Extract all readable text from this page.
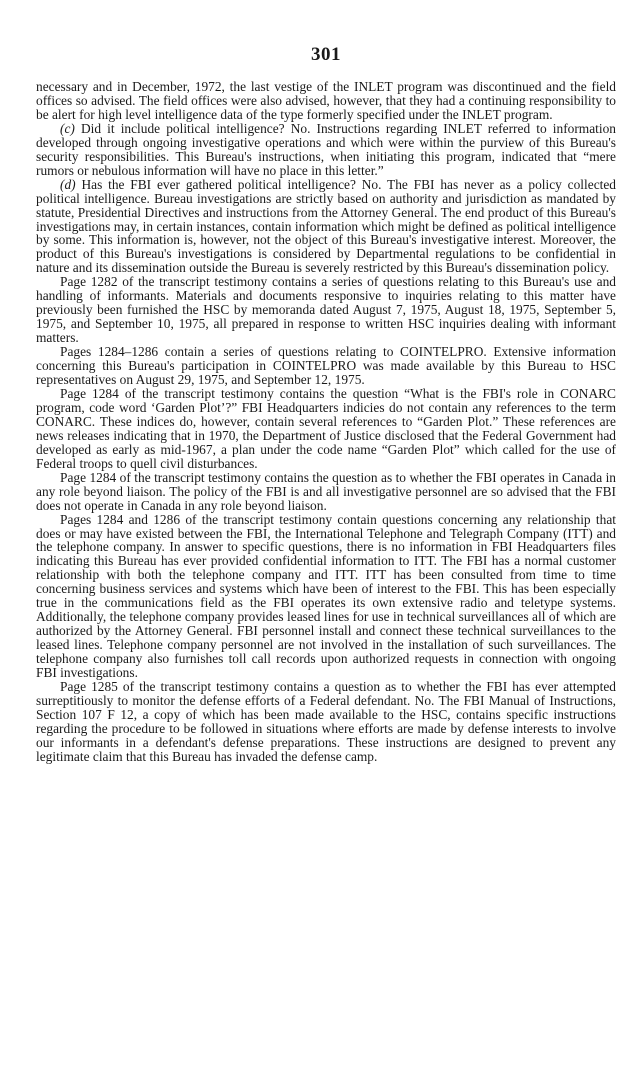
301

necessary and in December, 1972, the last vestige of the INLET program was discontinued and the field offices so advised. The field offices were also advised, however, that they had a continuing responsibility to be alert for high level intelligence data of the type formerly specified under the INLET program.

(c) Did it include political intelligence? No. Instructions regarding INLET referred to information developed through ongoing investigative operations and which were within the purview of this Bureau's security responsibilities. This Bureau's instructions, when initiating this program, indicated that “mere rumors or nebulous information will have no place in this letter.”

(d) Has the FBI ever gathered political intelligence? No. The FBI has never as a policy collected political intelligence. Bureau investigations are strictly based on authority and jurisdiction as mandated by statute, Presidential Directives and instructions from the Attorney General. The end product of this Bureau's investigations may, in certain instances, contain information which might be defined as political intelligence by some. This information is, however, not the object of this Bureau's investigative interest. Moreover, the product of this Bureau's investigations is considered by Departmental regulations to be confidential in nature and its dissemination outside the Bureau is severely restricted by this Bureau's dissemination policy.

Page 1282 of the transcript testimony contains a series of questions relating to this Bureau's use and handling of informants. Materials and documents responsive to inquiries relating to this matter have previously been furnished the HSC by memoranda dated August 7, 1975, August 18, 1975, September 5, 1975, and September 10, 1975, all prepared in response to written HSC inquiries dealing with informant matters.

Pages 1284–1286 contain a series of questions relating to COINTELPRO. Extensive information concerning this Bureau's participation in COINTELPRO was made available by this Bureau to HSC representatives on August 29, 1975, and September 12, 1975.

Page 1284 of the transcript testimony contains the question “What is the FBI's role in CONARC program, code word ‘Garden Plot’?” FBI Headquarters indicies do not contain any references to the term CONARC. These indices do, however, contain several references to “Garden Plot.” These references are news releases indicating that in 1970, the Department of Justice disclosed that the Federal Government had developed as early as mid-1967, a plan under the code name “Garden Plot” which called for the use of Federal troops to quell civil disturbances.

Page 1284 of the transcript testimony contains the question as to whether the FBI operates in Canada in any role beyond liaison. The policy of the FBI is and all investigative personnel are so advised that the FBI does not operate in Canada in any role beyond liaison.

Pages 1284 and 1286 of the transcript testimony contain questions concerning any relationship that does or may have existed between the FBI, the International Telephone and Telegraph Company (ITT) and the telephone company. In answer to specific questions, there is no information in FBI Headquarters files indicating this Bureau has ever provided confidential information to ITT. The FBI has a normal customer relationship with both the telephone company and ITT. ITT has been consulted from time to time concerning business services and systems which have been of interest to the FBI. This has been especially true in the communications field as the FBI operates its own extensive radio and teletype systems. Additionally, the telephone company provides leased lines for use in technical surveillances all of which are authorized by the Attorney General. FBI personnel install and connect these technical surveillances to the leased lines. Telephone company personnel are not involved in the installation of such surveillances. The telephone company also furnishes toll call records upon authorized requests in connection with ongoing FBI investigations.

Page 1285 of the transcript testimony contains a question as to whether the FBI has ever attempted surreptitiously to monitor the defense efforts of a Federal defendant. No. The FBI Manual of Instructions, Section 107 F 12, a copy of which has been made available to the HSC, contains specific instructions regarding the procedure to be followed in situations where efforts are made by defense interests to involve our informants in a defendant's defense preparations. These instructions are designed to prevent any legitimate claim that this Bureau has invaded the defense camp.
